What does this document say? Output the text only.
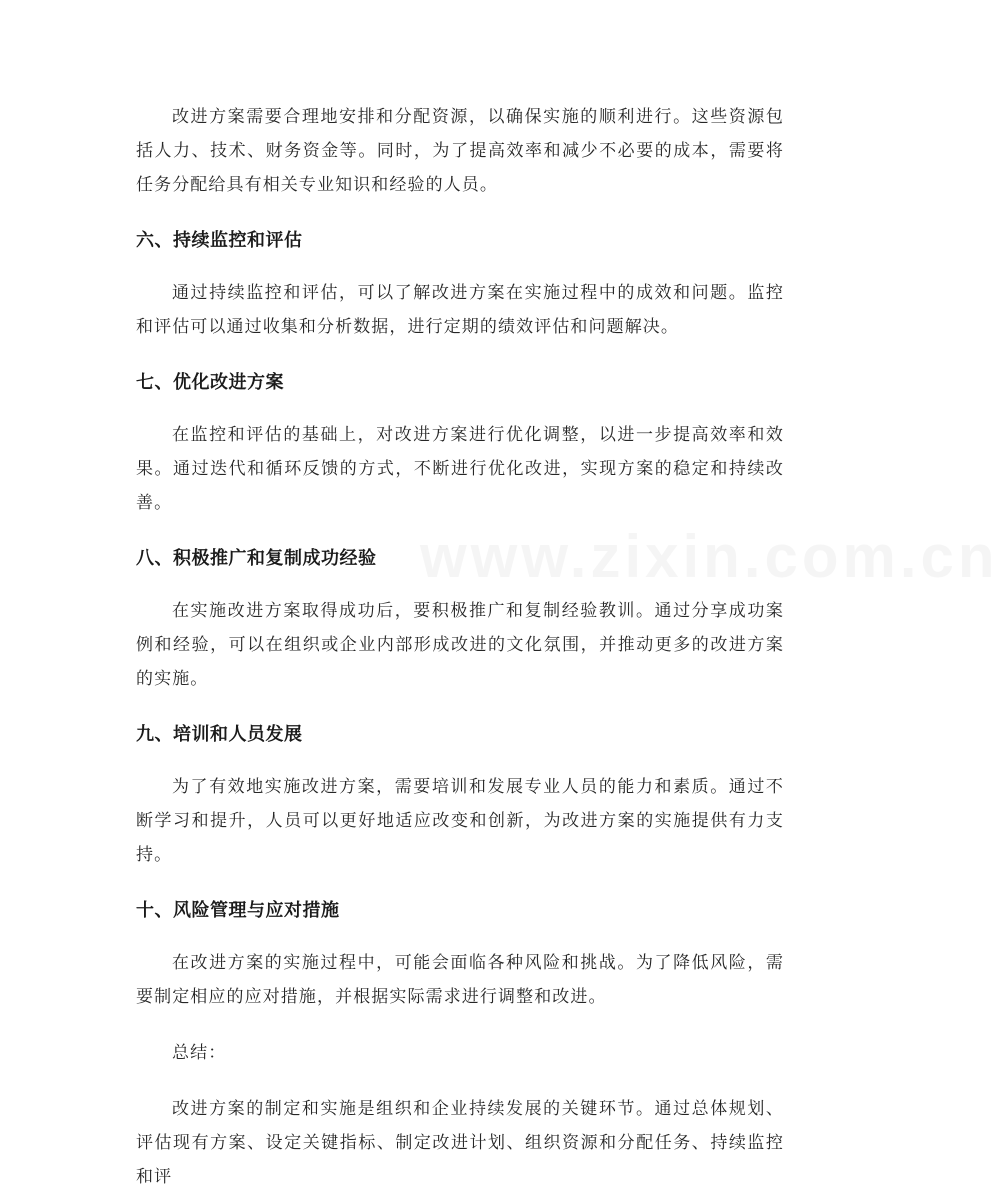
www.zixin.com.cn

改进方案需要合理地安排和分配资源，以确保实施的顺利进行。这些资源包括人力、技术、财务资金等。同时，为了提高效率和减少不必要的成本，需要将任务分配给具有相关专业知识和经验的人员。

六、持续监控和评估

通过持续监控和评估，可以了解改进方案在实施过程中的成效和问题。监控和评估可以通过收集和分析数据，进行定期的绩效评估和问题解决。

七、优化改进方案

在监控和评估的基础上，对改进方案进行优化调整，以进一步提高效率和效果。通过迭代和循环反馈的方式，不断进行优化改进，实现方案的稳定和持续改善。

八、积极推广和复制成功经验

在实施改进方案取得成功后，要积极推广和复制经验教训。通过分享成功案例和经验，可以在组织或企业内部形成改进的文化氛围，并推动更多的改进方案的实施。

九、培训和人员发展

为了有效地实施改进方案，需要培训和发展专业人员的能力和素质。通过不断学习和提升，人员可以更好地适应改变和创新，为改进方案的实施提供有力支持。

十、风险管理与应对措施

在改进方案的实施过程中，可能会面临各种风险和挑战。为了降低风险，需要制定相应的应对措施，并根据实际需求进行调整和改进。

总结：

改进方案的制定和实施是组织和企业持续发展的关键环节。通过总体规划、评估现有方案、设定关键指标、制定改进计划、组织资源和分配任务、持续监控和评
